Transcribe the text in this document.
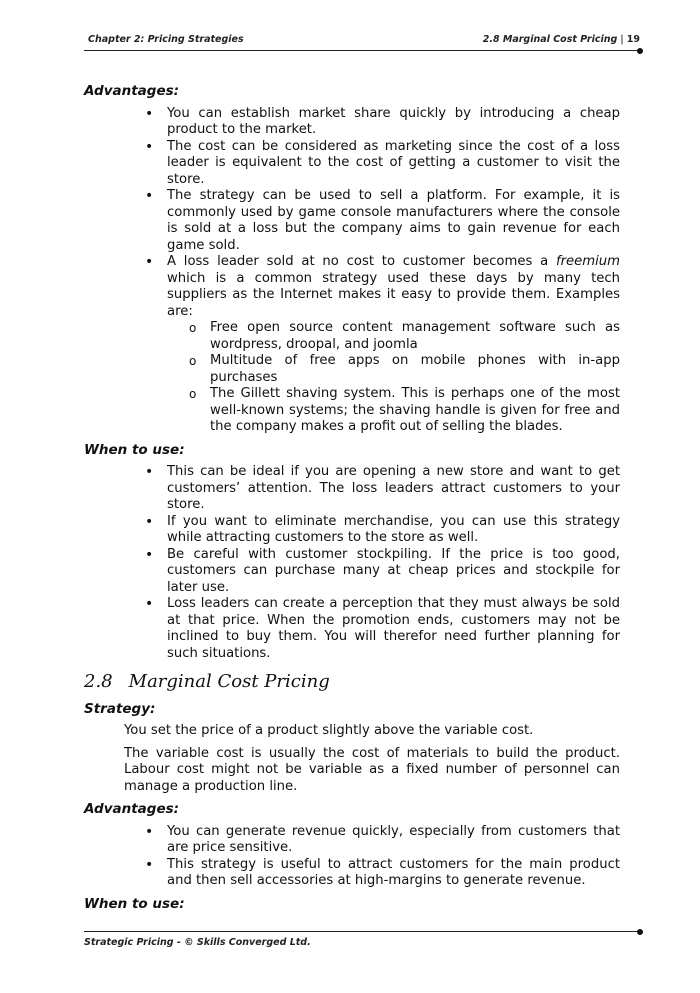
Chapter 2: Pricing Strategies	2.8 Marginal Cost Pricing | 19
Advantages:
• You can establish market share quickly by introducing a cheap product to the market.
• The cost can be considered as marketing since the cost of a loss leader is equivalent to the cost of getting a customer to visit the store.
• The strategy can be used to sell a platform. For example, it is commonly used by game console manufacturers where the console is sold at a loss but the company aims to gain revenue for each game sold.
• A loss leader sold at no cost to customer becomes a freemium which is a common strategy used these days by many tech suppliers as the Internet makes it easy to provide them. Examples are:
o Free open source content management software such as wordpress, droopal, and joomla
o Multitude of free apps on mobile phones with in-app purchases
o The Gillett shaving system. This is perhaps one of the most well-known systems; the shaving handle is given for free and the company makes a profit out of selling the blades.
When to use:
• This can be ideal if you are opening a new store and want to get customers’ attention. The loss leaders attract customers to your store.
• If you want to eliminate merchandise, you can use this strategy while attracting customers to the store as well.
• Be careful with customer stockpiling. If the price is too good, customers can purchase many at cheap prices and stockpile for later use.
• Loss leaders can create a perception that they must always be sold at that price. When the promotion ends, customers may not be inclined to buy them. You will therefor need further planning for such situations.
2.8 Marginal Cost Pricing
Strategy:

You set the price of a product slightly above the variable cost.

The variable cost is usually the cost of materials to build the product. Labour cost might not be variable as a fixed number of personnel can manage a production line.

Advantages:
• You can generate revenue quickly, especially from customers that are price sensitive.
• This strategy is useful to attract customers for the main product and then sell accessories at high-margins to generate revenue.
When to use:
Strategic Pricing - © Skills Converged Ltd.
